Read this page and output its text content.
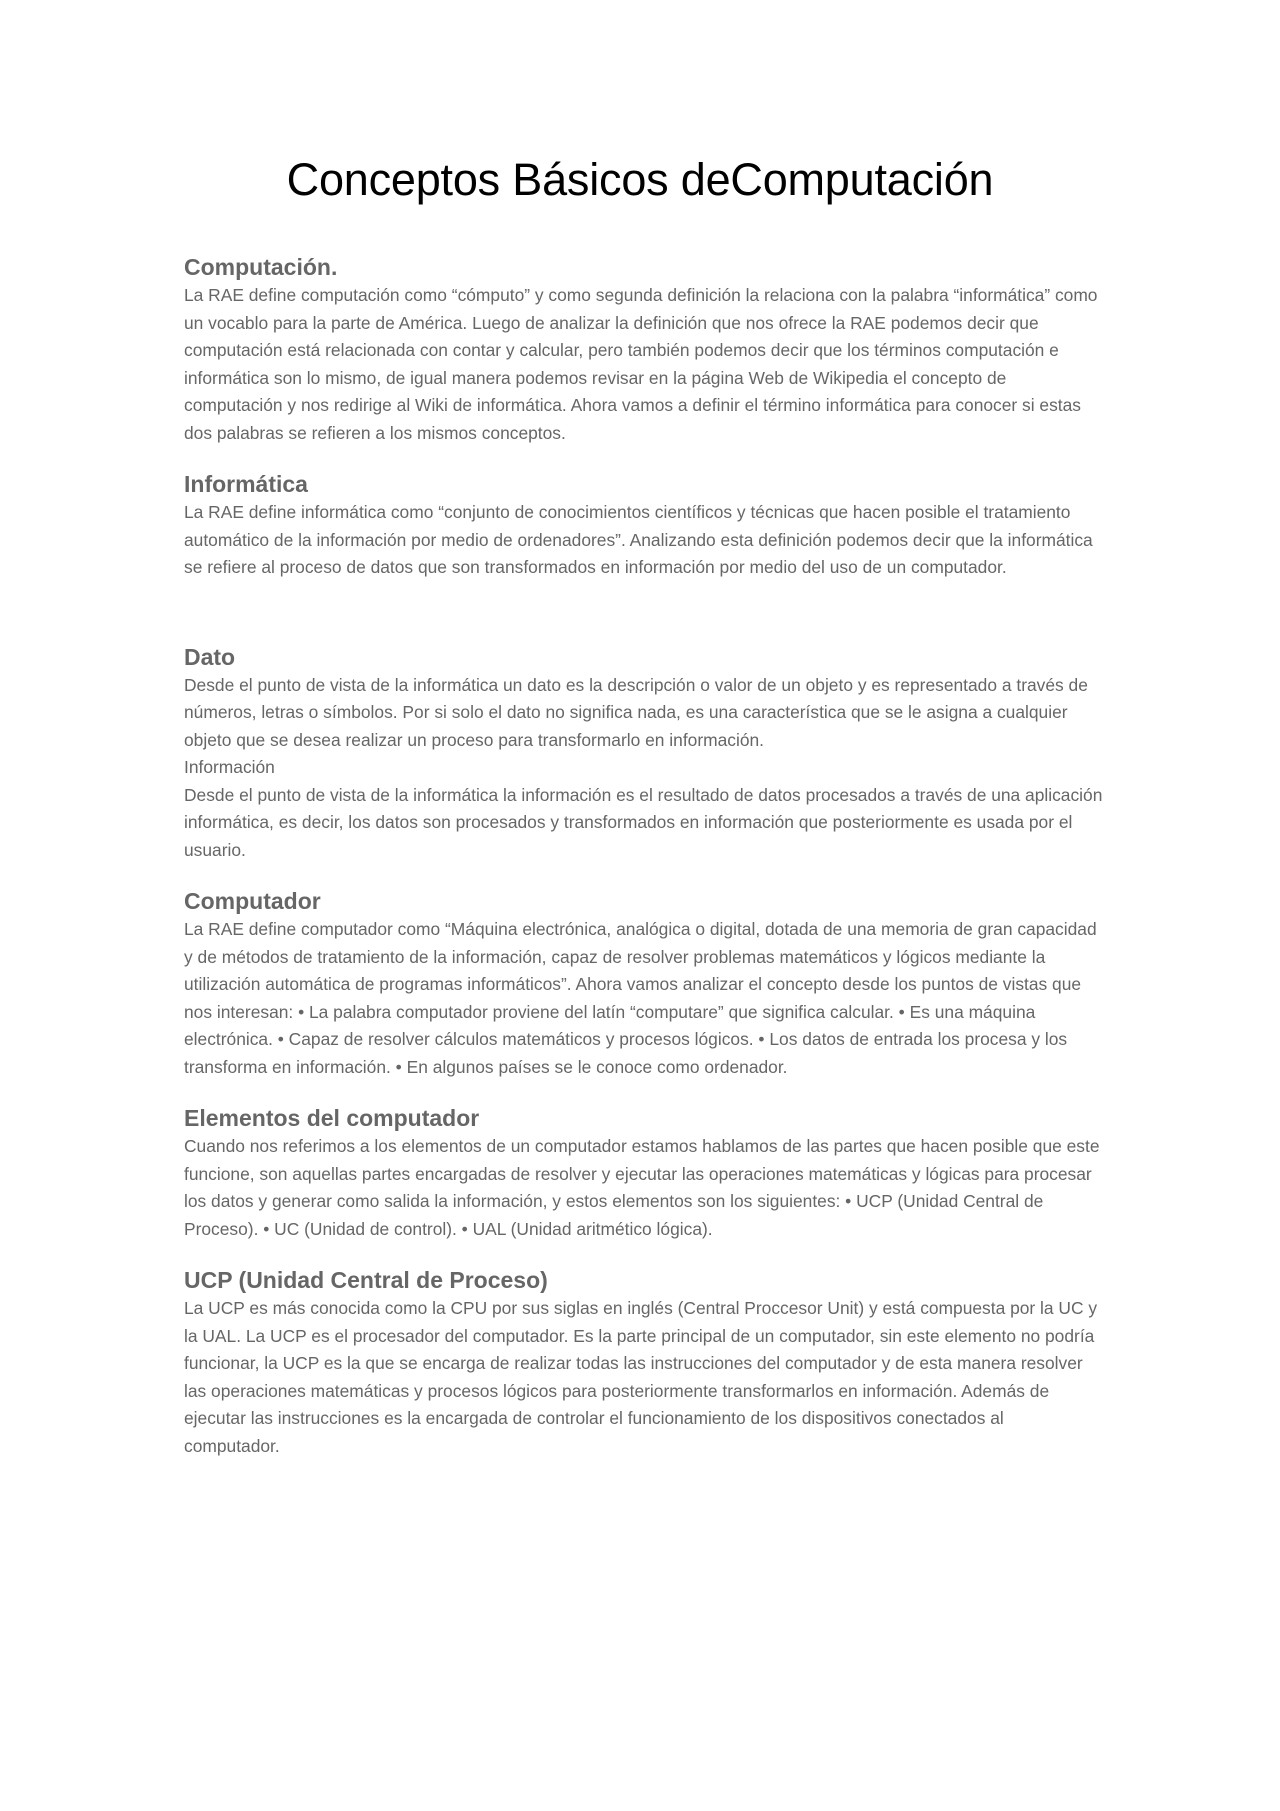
Conceptos Básicos deComputación
Computación.

La RAE define computación como “cómputo” y como segunda definición la relaciona con la palabra “informática” como un vocablo para la parte de América. Luego de analizar la definición que nos ofrece la RAE podemos decir que computación está relacionada con contar y calcular, pero también podemos decir que los términos computación e informática son lo mismo, de igual manera podemos revisar en la página Web de Wikipedia el concepto de computación y nos redirige al Wiki de informática. Ahora vamos a definir el término informática para conocer si estas dos palabras se refieren a los mismos conceptos.

Informática

La RAE define informática como “conjunto de conocimientos científicos y técnicas que hacen posible el tratamiento automático de la información por medio de ordenadores”. Analizando esta definición podemos decir que la informática se refiere al proceso de datos que son transformados en información por medio del uso de un computador.

Dato

Desde el punto de vista de la informática un dato es la descripción o valor de un objeto y es representado a través de números, letras o símbolos. Por si solo el dato no significa nada, es una característica que se le asigna a cualquier objeto que se desea realizar un proceso para transformarlo en información.

Información

Desde el punto de vista de la informática la información es el resultado de datos procesados a través de una aplicación informática, es decir, los datos son procesados y transformados en información que posteriormente es usada por el usuario.

Computador

La RAE define computador como “Máquina electrónica, analógica o digital, dotada de una memoria de gran capacidad y de métodos de tratamiento de la información, capaz de resolver problemas matemáticos y lógicos mediante la utilización automática de programas informáticos”. Ahora vamos analizar el concepto desde los puntos de vistas que nos interesan: • La palabra computador proviene del latín “computare” que significa calcular. • Es una máquina electrónica. • Capaz de resolver cálculos matemáticos y procesos lógicos. • Los datos de entrada los procesa y los transforma en información. • En algunos países se le conoce como ordenador.

Elementos del computador

Cuando nos referimos a los elementos de un computador estamos hablamos de las partes que hacen posible que este funcione, son aquellas partes encargadas de resolver y ejecutar las operaciones matemáticas y lógicas para procesar los datos y generar como salida la información, y estos elementos son los siguientes: • UCP (Unidad Central de Proceso). • UC (Unidad de control). • UAL (Unidad aritmético lógica).

UCP (Unidad Central de Proceso)

La UCP es más conocida como la CPU por sus siglas en inglés (Central Proccesor Unit) y está compuesta por la UC y la UAL. La UCP es el procesador del computador. Es la parte principal de un computador, sin este elemento no podría funcionar, la UCP es la que se encarga de realizar todas las instrucciones del computador y de esta manera resolver las operaciones matemáticas y procesos lógicos para posteriormente transformarlos en información. Además de ejecutar las instrucciones es la encargada de controlar el funcionamiento de los dispositivos conectados al computador.
